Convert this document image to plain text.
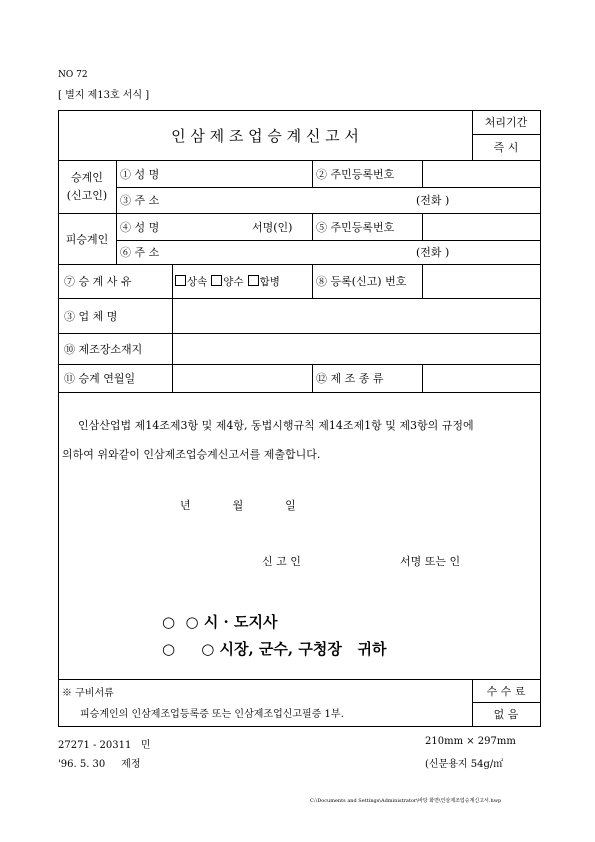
NO 72
[ 별지 제13호 서식 ]
인 삼 제 조 업 승 계 신 고 서
처리기간
즉 시
승계인
(신고인)
① 성 명	② 주민등록번호
③ 주 소	(전화 )
피승계인
④ 성 명	서명(인) ⑤ 주민등록번호
⑥ 주 소	(전화 )
⑦ 승 계 사 유	상속	양수	합병	⑧ 등록(신고) 번호
③ 업 체 명
⑩ 제조장소재지
⑪ 승계 연월일	⑫ 제 조 종 류
인삼산업법 제14조제3항 및 제4항, 동법시행규칙 제14조제1항 및 제3항의 규정에
의하여 위와같이 인삼제조업승계신고서를 제출합니다.
년            월            일
신 고 인	서명 또는 인
○  ○ 시 · 도지사
○     ○ 시장, 군수, 구청장   귀하
※ 구비서류
피승계인의 인삼제조업등록증 또는 인삼제조업신고필증 1부.
수 수 료
없 음
27271 - 20311   민
'96. 5. 30     제정
210mm × 297mm
(신문용지 54g/㎡
C:\Documents and Settings\Administrator\바탕 화면\인삼제조업승계신고서.hwp
